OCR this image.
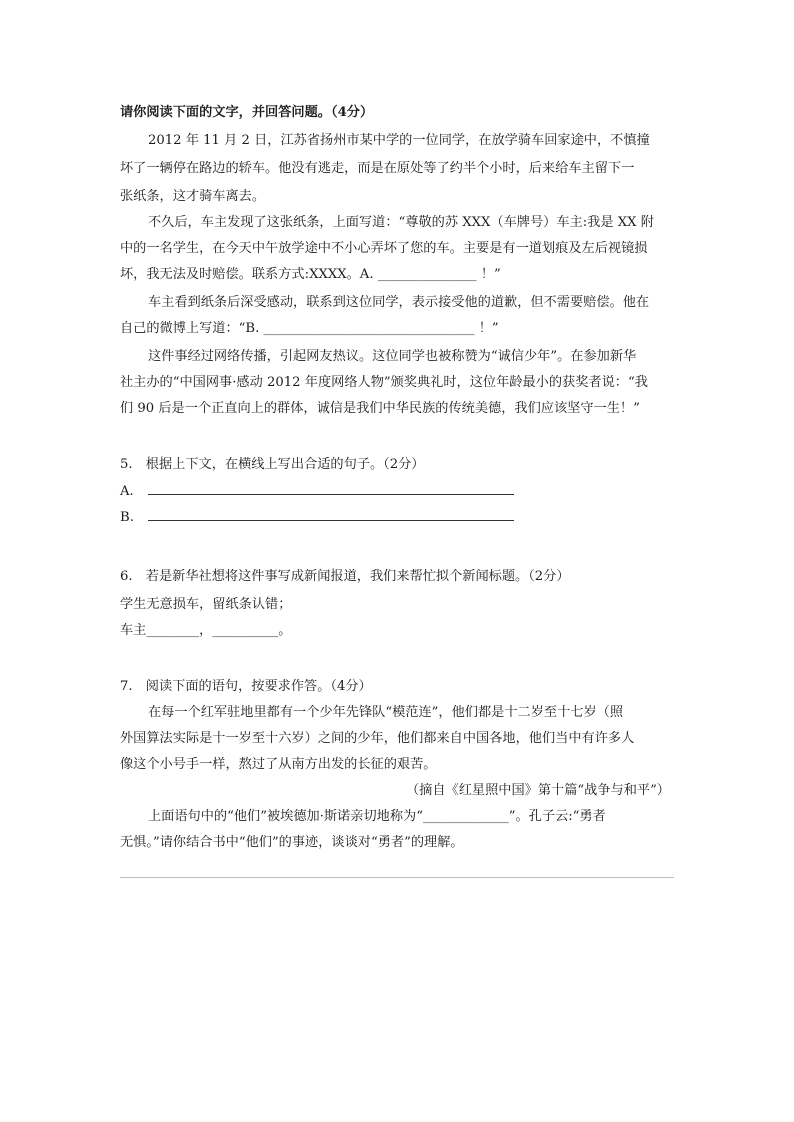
请你阅读下面的文字，并回答问题。（4分）
2012 年 11 月 2 日，江苏省扬州市某中学的一位同学，在放学骑车回家途中，不慎撞
坏了一辆停在路边的轿车。他没有逃走，而是在原处等了约半个小时，后来给车主留下一
张纸条，这才骑车离去。
不久后，车主发现了这张纸条，上面写道：“尊敬的苏 XXX（车牌号）车主:我是 XX 附
中的一名学生，在今天中午放学途中不小心弄坏了您的车。主要是有一道划痕及左后视镜损
坏，我无法及时赔偿。联系方式:XXXX。A. _______________ ！”
车主看到纸条后深受感动，联系到这位同学，表示接受他的道歉，但不需要赔偿。他在
自己的微博上写道：“B. ________________________________ ！”
这件事经过网络传播，引起网友热议。这位同学也被称赞为“诚信少年”。在参加新华
社主办的“中国网事·感动 2012 年度网络人物”颁奖典礼时，这位年龄最小的获奖者说：“我
们 90 后是一个正直向上的群体，诚信是我们中华民族的传统美德，我们应该坚守一生！”
5.　根据上下文，在横线上写出合适的句子。（2分）
A.
B.
6.　若是新华社想将这件事写成新闻报道，我们来帮忙拟个新闻标题。（2分）
学生无意损车，留纸条认错；
车主________，__________。
7.　阅读下面的语句，按要求作答。（4分）
在每一个红军驻地里都有一个少年先锋队“模范连”，他们都是十二岁至十七岁（照
外国算法实际是十一岁至十六岁）之间的少年，他们都来自中国各地，他们当中有许多人
像这个小号手一样，熬过了从南方出发的长征的艰苦。
（摘自《红星照中国》第十篇“战争与和平”）
上面语句中的“他们”被埃德加·斯诺亲切地称为“_____________”。孔子云:“勇者
无惧。”请你结合书中“他们”的事迹，谈谈对“勇者”的理解。
